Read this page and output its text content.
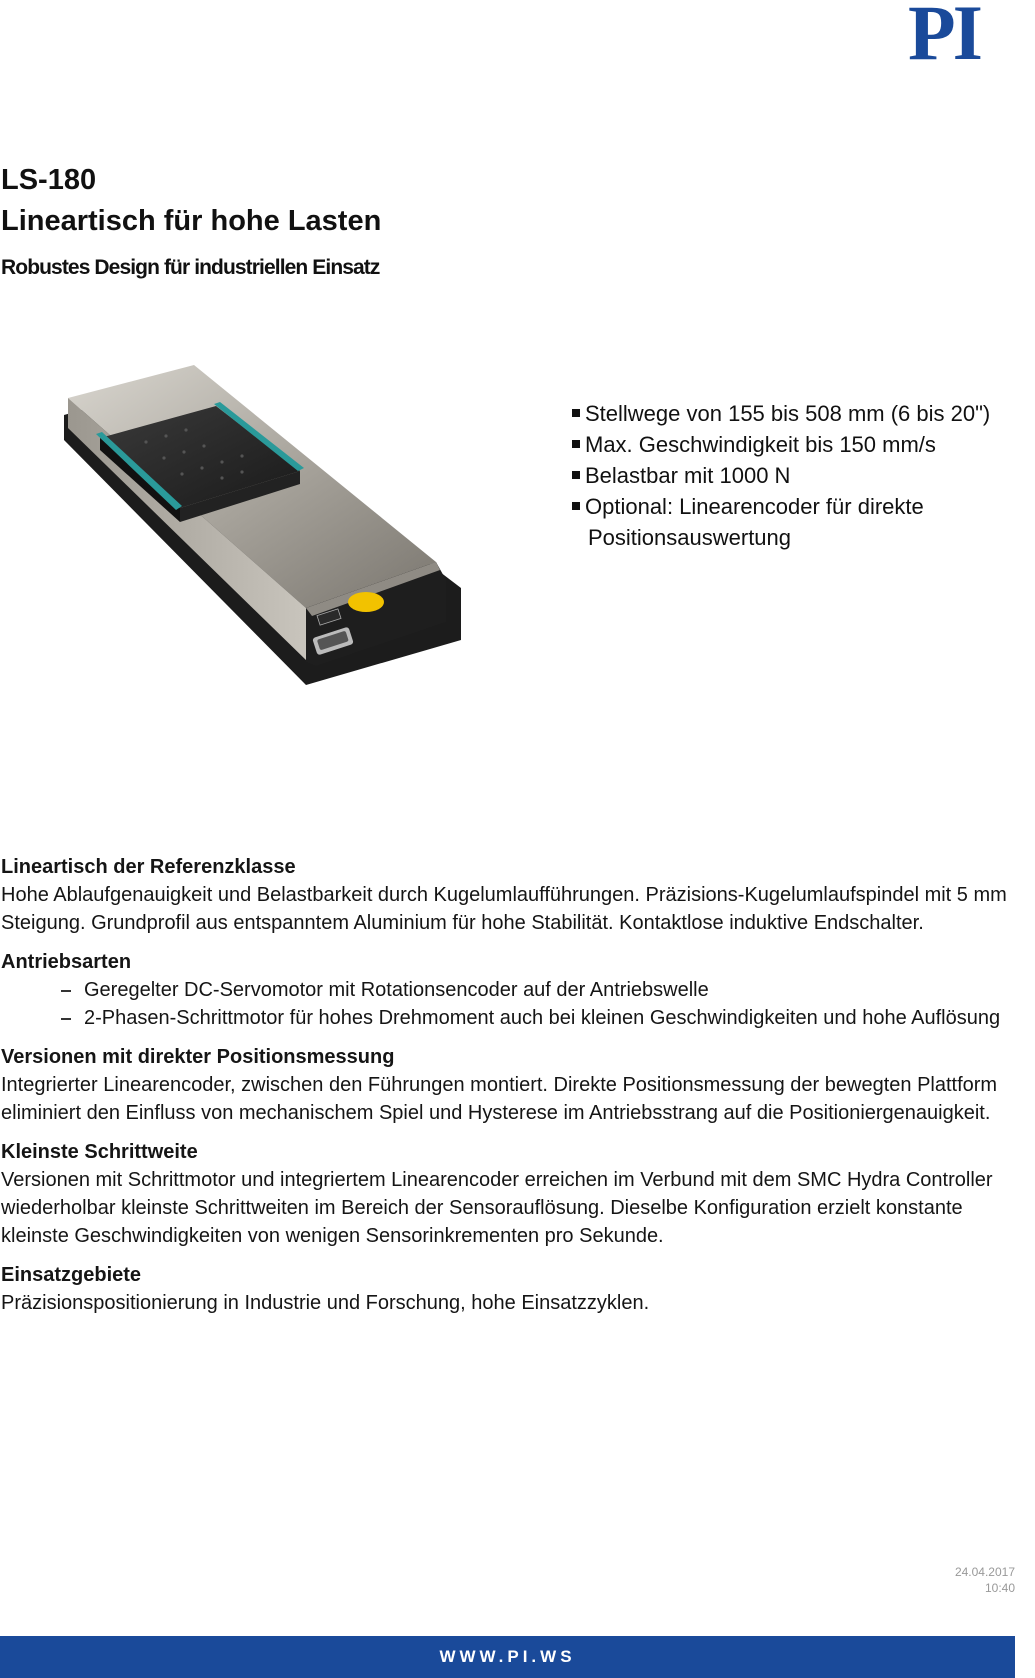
PI
LS-180
Lineartisch für hohe Lasten
Robustes Design für industriellen Einsatz
Stellwege von 155 bis 508 mm (6 bis 20")
Max. Geschwindigkeit bis 150 mm/s
Belastbar mit 1000 N
Optional: Linearencoder für direkte
Positionsauswertung
Lineartisch der Referenzklasse

Hohe Ablaufgenauigkeit und Belastbarkeit durch Kugelumlaufführungen. Präzisions-Kugelumlaufspindel mit 5 mm Steigung. Grundprofil aus entspanntem Aluminium für hohe Stabilität. Kontaktlose induktive Endschalter.

Antriebsarten
Geregelter DC-Servomotor mit Rotationsencoder auf der Antriebswelle
2-Phasen-Schrittmotor für hohes Drehmoment auch bei kleinen Geschwindigkeiten und hohe Auflösung
Versionen mit direkter Positionsmessung

Integrierter Linearencoder, zwischen den Führungen montiert. Direkte Positionsmessung der bewegten Plattform eliminiert den Einfluss von mechanischem Spiel und Hysterese im Antriebsstrang auf die Positioniergenauigkeit.

Kleinste Schrittweite

Versionen mit Schrittmotor und integriertem Linearencoder erreichen im Verbund mit dem SMC Hydra Controller wiederholbar kleinste Schrittweiten im Bereich der Sensorauflösung. Dieselbe Konfiguration erzielt konstante kleinste Geschwindigkeiten von wenigen Sensorinkrementen pro Sekunde.

Einsatzgebiete

Präzisionspositionierung in Industrie und Forschung, hohe Einsatzzyklen.

24.04.2017
10:40
WWW.PI.WS
